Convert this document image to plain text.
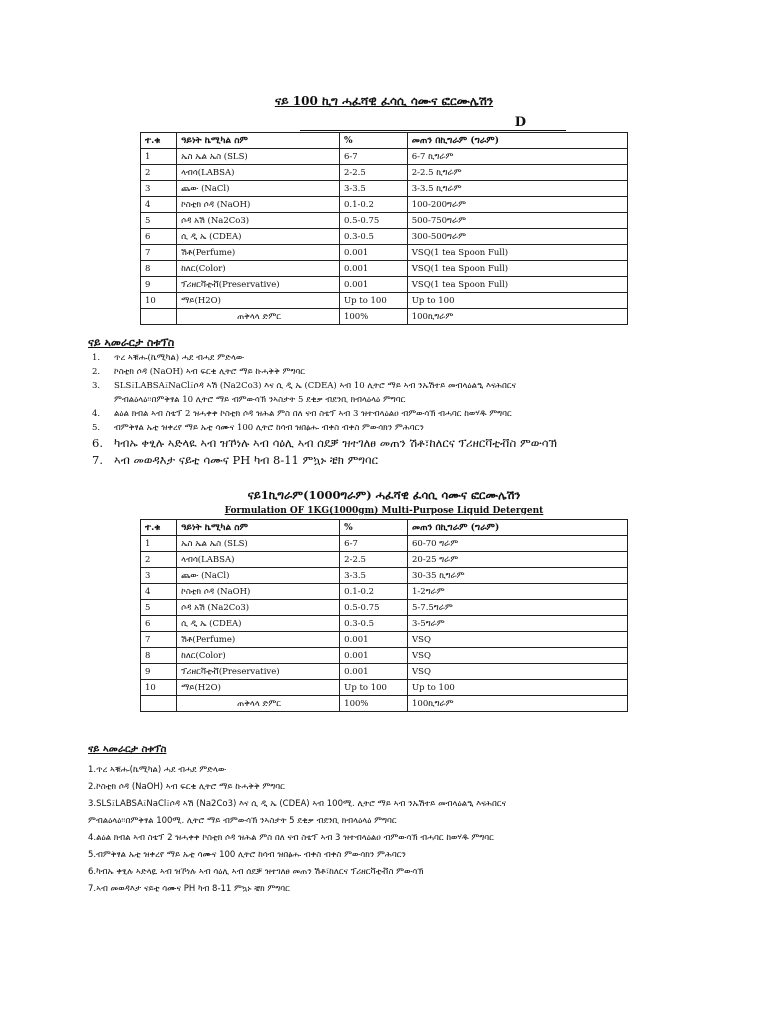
ናይ 100 ኪግ ሓፈሻዊ ፈሳሲ ሳሙና ፎርሙሌሽን
D
ተ.ቁ	ዓይነት ኬሚካል ስም	%	መጠን በኪግራም (ግራም)
1	ኤስ ኤል ኤስ (SLS)	6-7	6-7 ኪግራም
2	ላብሳ(LABSA)	2-2.5	2-2.5 ኪግራም
3	ጨው (NaCl)	3-3.5	3-3.5 ኪግራም
4	ኮስቲክ ሶዳ (NaOH)	0.1-0.2	100-200ግራም
5	ሶዳ አሽ (Na2Co3)	0.5-0.75	500-750ግራም
6	ሲ ዲ ኤ (CDEA)	0.3-0.5	300-500ግራም
7	ሽቶ(Perfume)	0.001	VSQ(1 tea Spoon Full)
8	ከለር(Color)	0.001	VSQ(1 tea Spoon Full)
9	ፕሪዘርቫቲቭ(Preservative)	0.001	VSQ(1 tea Spoon Full)
10	ማይ(H2O)	Up to 100	Up to 100
	ጠቅላላ ድምር	100%	100ኪግራም
ናይ ኣመራርታ ስቱፕስ
1. ጥረ ኣቑሑ(ኬሚካል) ሓደ ብሓደ ምድላው
2. ኮስቲክ ሶዳ (NaOH) ኣብ ፍርቂ ሊትሮ ማይ ኩሓቅቅ ምግባር
3. SLS፤LABSA፤NaCl፤ሶዳ ኣሽ (Na2Co3) እና ሲ ዲ ኤ (CDEA) ኣብ 10 ሊትሮ ማይ ኣብ ንኡሽተይ መብላዕልዒ እናሕበርና
ምብልዕላዕ፡፡በምቅፃል 10 ሊትሮ ማይ ብምውሳኽ ንኣስታት 5 ደቂቃ ብደንቢ ክብላዕላዕ ምግባር
4. ልዕል ክብል ኣብ ስቴፕ 2 ዝሓቀቀ ኮስቲክ ሶዳ ዝሕል ምስ በለ ናብ ስቴፕ ኣብ 3 ዝተብላዕልዐ ብምውሳኽ ብሓባር ከወሃዱ ምግባር
5. ብምቅፃል ኡቲ ዝቀረየ ማይ ኡቲ ሳሙና 100 ሊትሮ ከሳብ ዝበፅሑ ብቀስ ብቀስ ምውሳክን ምሕባርን
6. ካብኡ ቀፂሉ ኣድላዪ ኣብ ዝኾነሉ ኣብ ሳዕሊ ኣብ ሰደቓ ዝተገለፀ መጠን ሽቶ፣ከለርና ፕሪዘርቫቲቭስ ምውሳኽ
7. ኣብ መወዳእታ ናይቲ ሳሙና PH ካብ 8-11 ምኳኑ ቼክ ምግባር
ናይ1ኪግራም(1000ግራም) ሓፈሻዊ ፈሳሲ ሳሙና ፎርሙሌሽን
Formulation OF 1KG(1000gm) Multi-Purpose Liquid Detergent
ተ.ቁ	ዓይነት ኬሚካል ስም	%	መጠን በኪግራም (ግራም)
1	ኤስ ኤል ኤስ (SLS)	6-7	60-70 ግራም
2	ላብሳ(LABSA)	2-2.5	20-25 ግራም
3	ጨው (NaCl)	3-3.5	30-35 ኪግራም
4	ኮስቲክ ሶዳ (NaOH)	0.1-0.2	1-2ግራም
5	ሶዳ አሽ (Na2Co3)	0.5-0.75	5-7.5ግራም
6	ሲ ዲ ኤ (CDEA)	0.3-0.5	3-5ግራም
7	ሽቶ(Perfume)	0.001	VSQ
8	ከለር(Color)	0.001	VSQ
9	ፕሪዘርቫቲቭ(Preservative)	0.001	VSQ
10	ማይ(H2O)	Up to 100	Up to 100
	ጠቅላላ ድምር	100%	100ኪግራም
ናይ ኣመራርታ ስቱፕስ
1.ጥረ ኣቑሑ(ኬሚካል) ሓደ ብሓደ ምድላው
2.ኮስቲክ ሶዳ (NaOH) ኣብ ፍርቂ ሊትሮ ማይ ኩሓቅቅ ምግባር
3.SLS፤LABSA፤NaCl፤ሶዳ ኣሽ (Na2Co3) እና ሲ ዲ ኤ (CDEA) ኣብ 100ሚ. ሊትሮ ማይ ኣብ ንኡሽተይ መብላዕልዒ እናሕበርና
ምብልዕላዕ፡፡በምቅፃል 100ሚ. ሊትሮ ማይ ብምውሳኽ ንኣስታት 5 ደቂቃ ብደንቢ ክብላዕላዕ ምግባር
4.ልዕል ክብል ኣብ ስቴፕ 2 ዝሓቀቀ ኮስቲክ ሶዳ ዝሕል ምስ በለ ናብ ስቴፕ ኣብ 3 ዝተብላዕልዐ ብምውሳኽ ብሓባር ከወሃዱ ምግባር
5.ብምቅፃል ኡቲ ዝቀረየ ማይ ኡቲ ሳሙና 100 ሊትሮ ከሳብ ዝበፅሑ ብቀስ ብቀስ ምውሳክን ምሕባርን
6.ካብኡ ቀፂሉ ኣድላዪ ኣብ ዝኾነሉ ኣብ ሳዕሊ ኣብ ሰደቓ ዝተገለፀ መጠን ሽቶ፣ከለርና ፕሪዘርቫቲቭስ ምውሳኽ
7.ኣብ መወዳእታ ናይቲ ሳሙና PH ካብ 8-11 ምኳኑ ቼክ ምግባር
